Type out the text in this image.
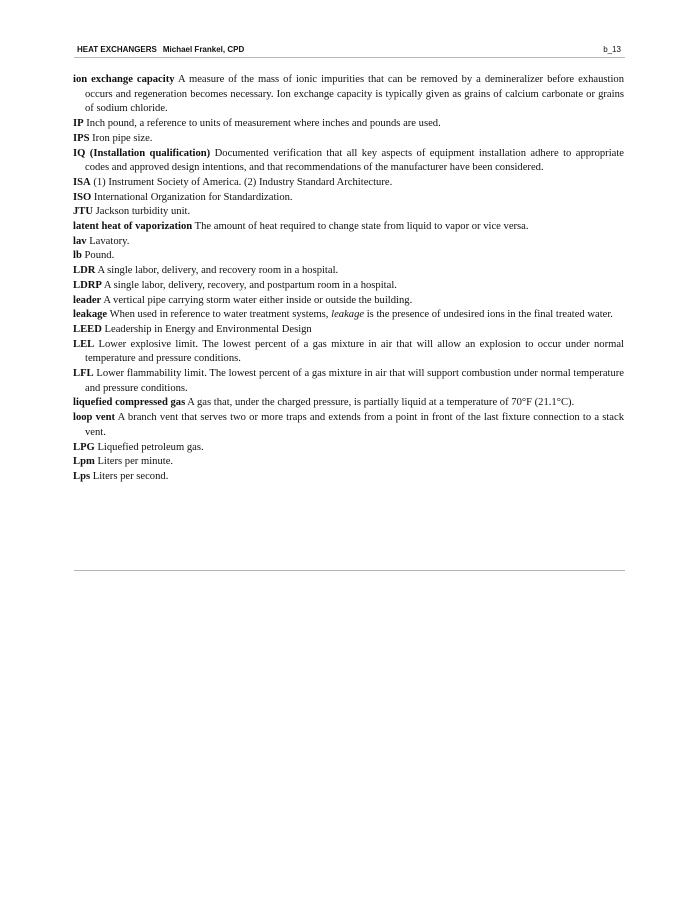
HEAT EXCHANGERS Michael Frankel, CPD	b_13
ion exchange capacity A measure of the mass of ionic impurities that can be removed by a demineralizer before exhaustion occurs and regeneration becomes necessary. Ion exchange capacity is typically given as grains of calcium carbonate or grains of sodium chloride.
IP Inch pound, a reference to units of measurement where inches and pounds are used.
IPS Iron pipe size.
IQ (Installation qualification) Documented verification that all key aspects of equipment installation adhere to appropriate codes and approved design intentions, and that recommendations of the manufacturer have been considered.
ISA (1) Instrument Society of America. (2) Industry Standard Architecture.
ISO International Organization for Standardization.
JTU Jackson turbidity unit.
latent heat of vaporization The amount of heat required to change state from liquid to vapor or vice versa.
lav Lavatory.
lb Pound.
LDR A single labor, delivery, and recovery room in a hospital.
LDRP A single labor, delivery, recovery, and postpartum room in a hospital.
leader A vertical pipe carrying storm water either inside or outside the building.
leakage When used in reference to water treatment systems, leakage is the presence of undesired ions in the final treated water.
LEED Leadership in Energy and Environmental Design
LEL Lower explosive limit. The lowest percent of a gas mixture in air that will allow an explosion to occur under normal temperature and pressure conditions.
LFL Lower flammability limit. The lowest percent of a gas mixture in air that will support combustion under normal temperature and pressure conditions.
liquefied compressed gas A gas that, under the charged pressure, is partially liquid at a temperature of 70°F (21.1°C).
loop vent A branch vent that serves two or more traps and extends from a point in front of the last fixture connection to a stack vent.
LPG Liquefied petroleum gas.
Lpm Liters per minute.
Lps Liters per second.
